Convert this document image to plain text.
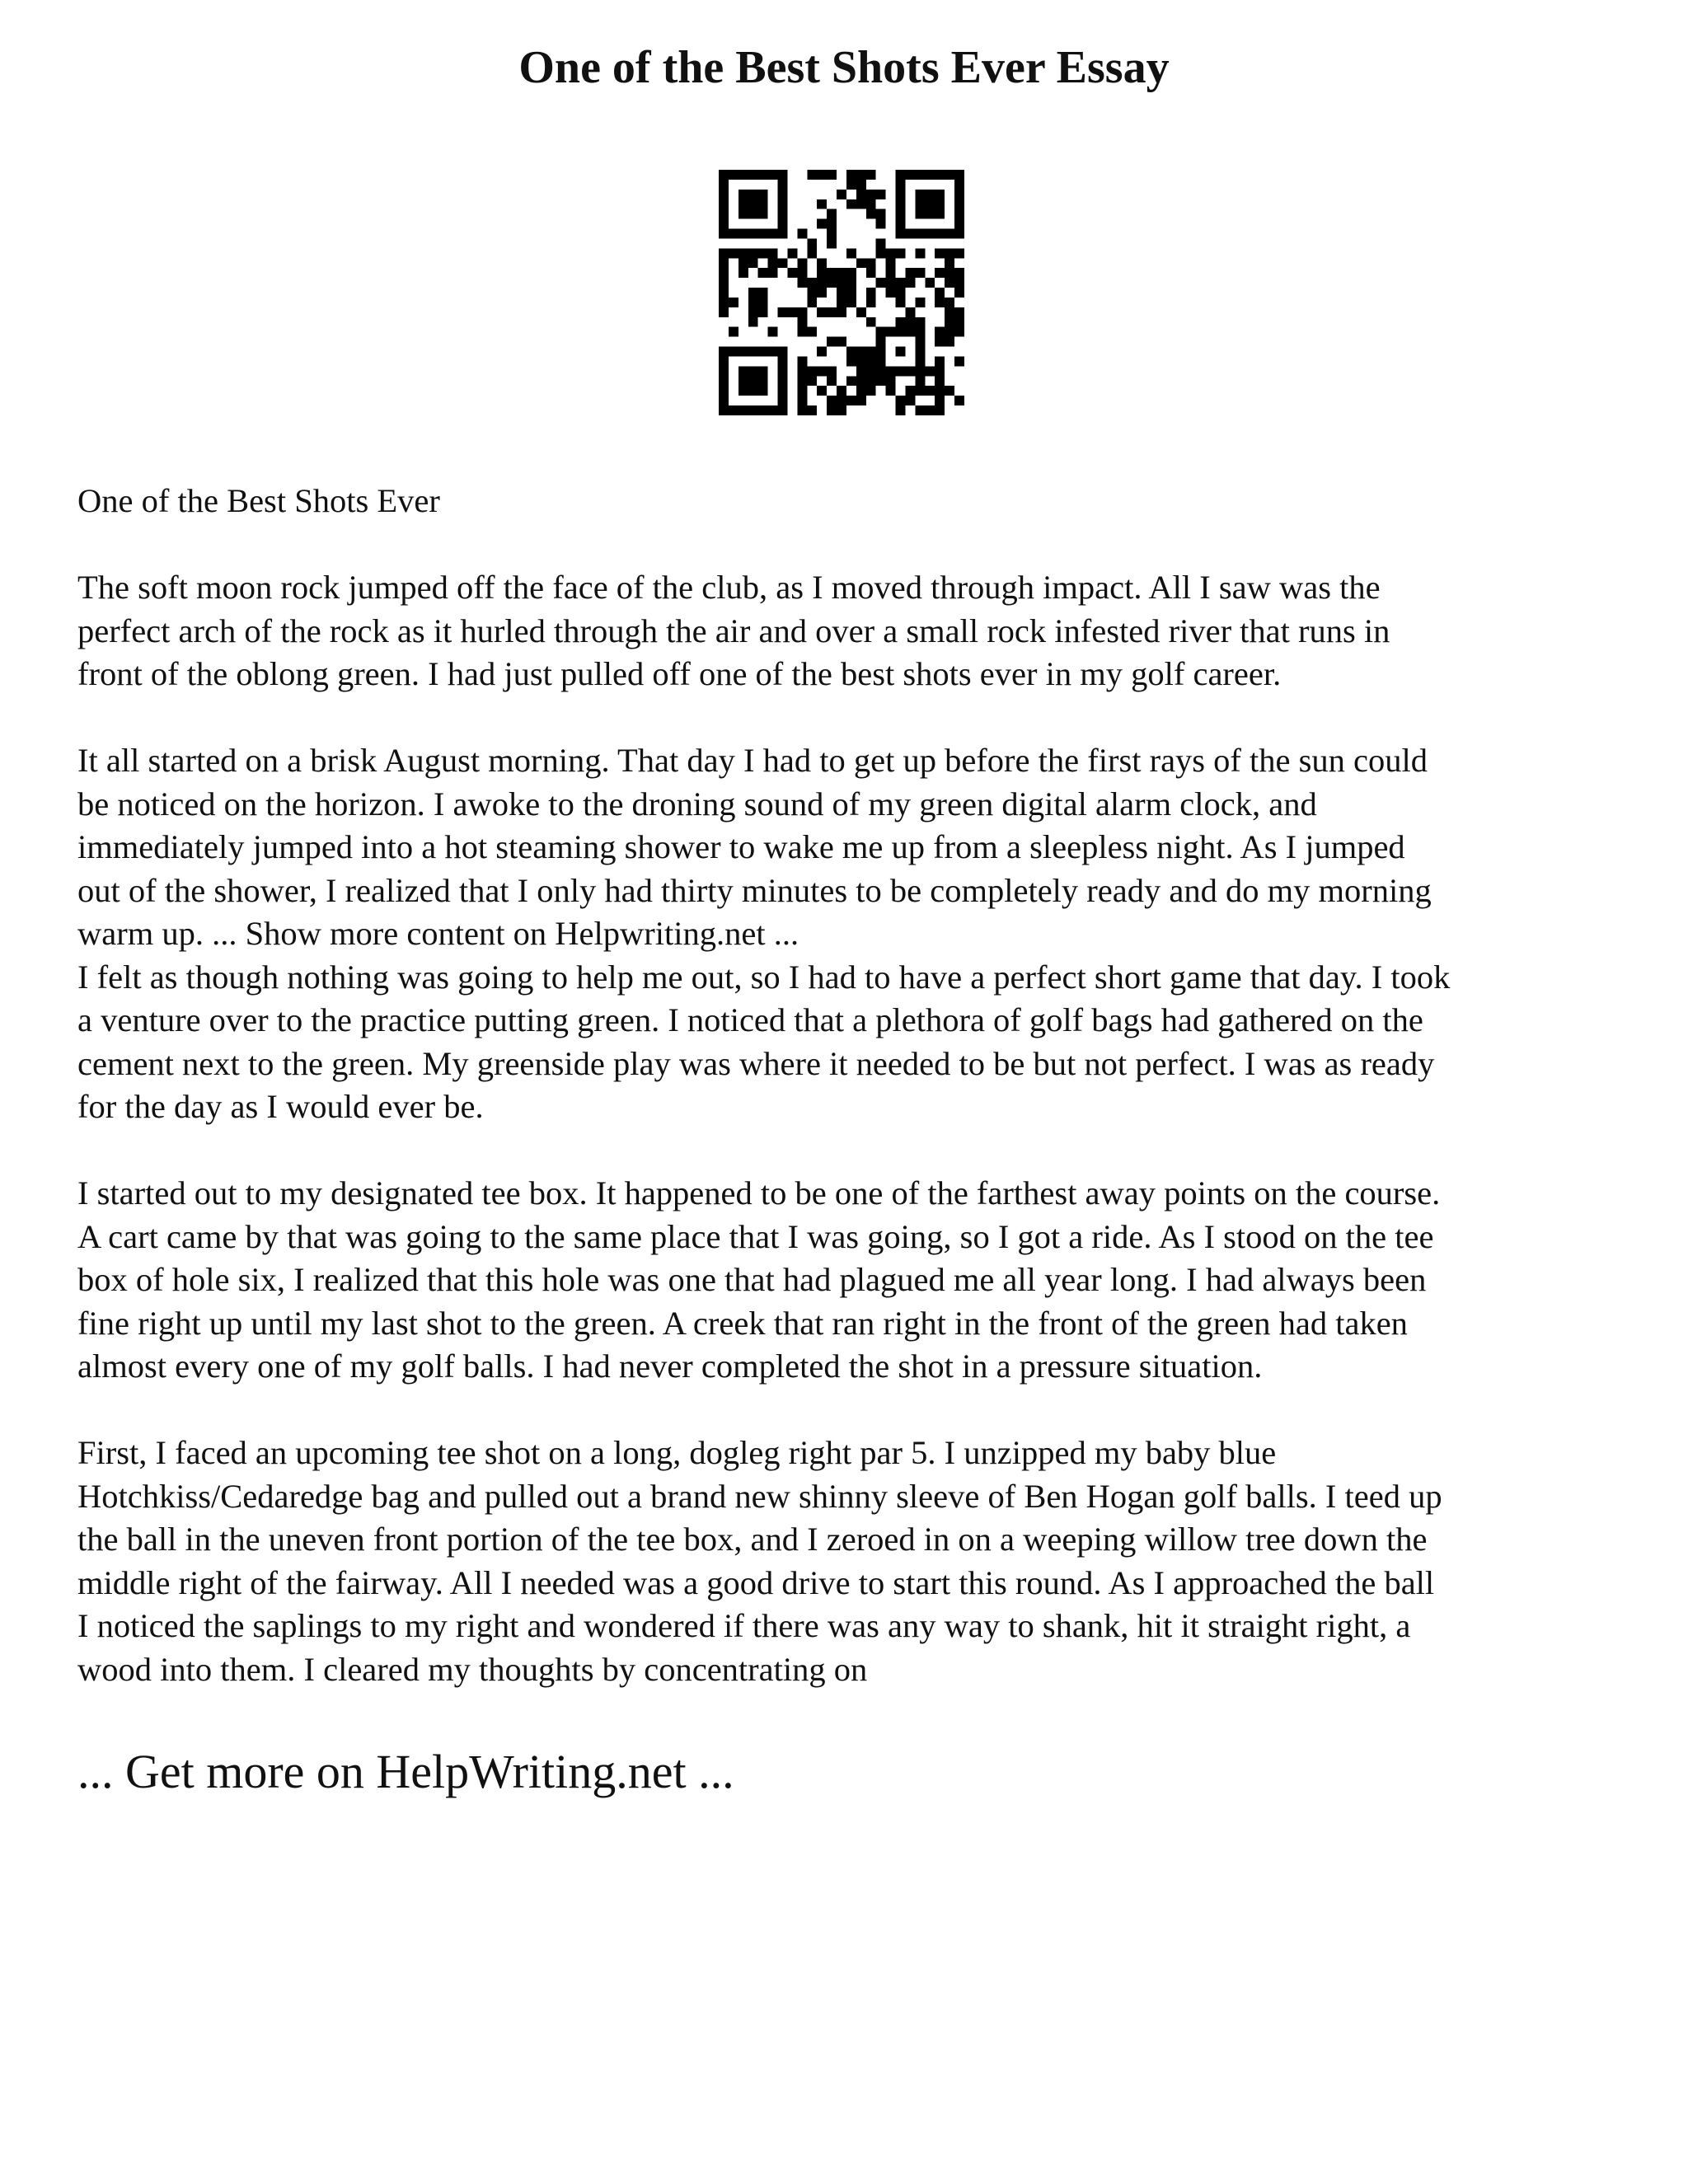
One of the Best Shots Ever Essay

One of the Best Shots Ever

The soft moon rock jumped off the face of the club, as I moved through impact. All I saw was the
perfect arch of the rock as it hurled through the air and over a small rock infested river that runs in
front of the oblong green. I had just pulled off one of the best shots ever in my golf career.

It all started on a brisk August morning. That day I had to get up before the first rays of the sun could
be noticed on the horizon. I awoke to the droning sound of my green digital alarm clock, and
immediately jumped into a hot steaming shower to wake me up from a sleepless night. As I jumped
out of the shower, I realized that I only had thirty minutes to be completely ready and do my morning
warm up. ... Show more content on Helpwriting.net ...

I felt as though nothing was going to help me out, so I had to have a perfect short game that day. I took
a venture over to the practice putting green. I noticed that a plethora of golf bags had gathered on the
cement next to the green. My greenside play was where it needed to be but not perfect. I was as ready
for the day as I would ever be.

I started out to my designated tee box. It happened to be one of the farthest away points on the course.
A cart came by that was going to the same place that I was going, so I got a ride. As I stood on the tee
box of hole six, I realized that this hole was one that had plagued me all year long. I had always been
fine right up until my last shot to the green. A creek that ran right in the front of the green had taken
almost every one of my golf balls. I had never completed the shot in a pressure situation.

First, I faced an upcoming tee shot on a long, dogleg right par 5. I unzipped my baby blue
Hotchkiss/Cedaredge bag and pulled out a brand new shinny sleeve of Ben Hogan golf balls. I teed up
the ball in the uneven front portion of the tee box, and I zeroed in on a weeping willow tree down the
middle right of the fairway. All I needed was a good drive to start this round. As I approached the ball
I noticed the saplings to my right and wondered if there was any way to shank, hit it straight right, a
wood into them. I cleared my thoughts by concentrating on

... Get more on HelpWriting.net ...
